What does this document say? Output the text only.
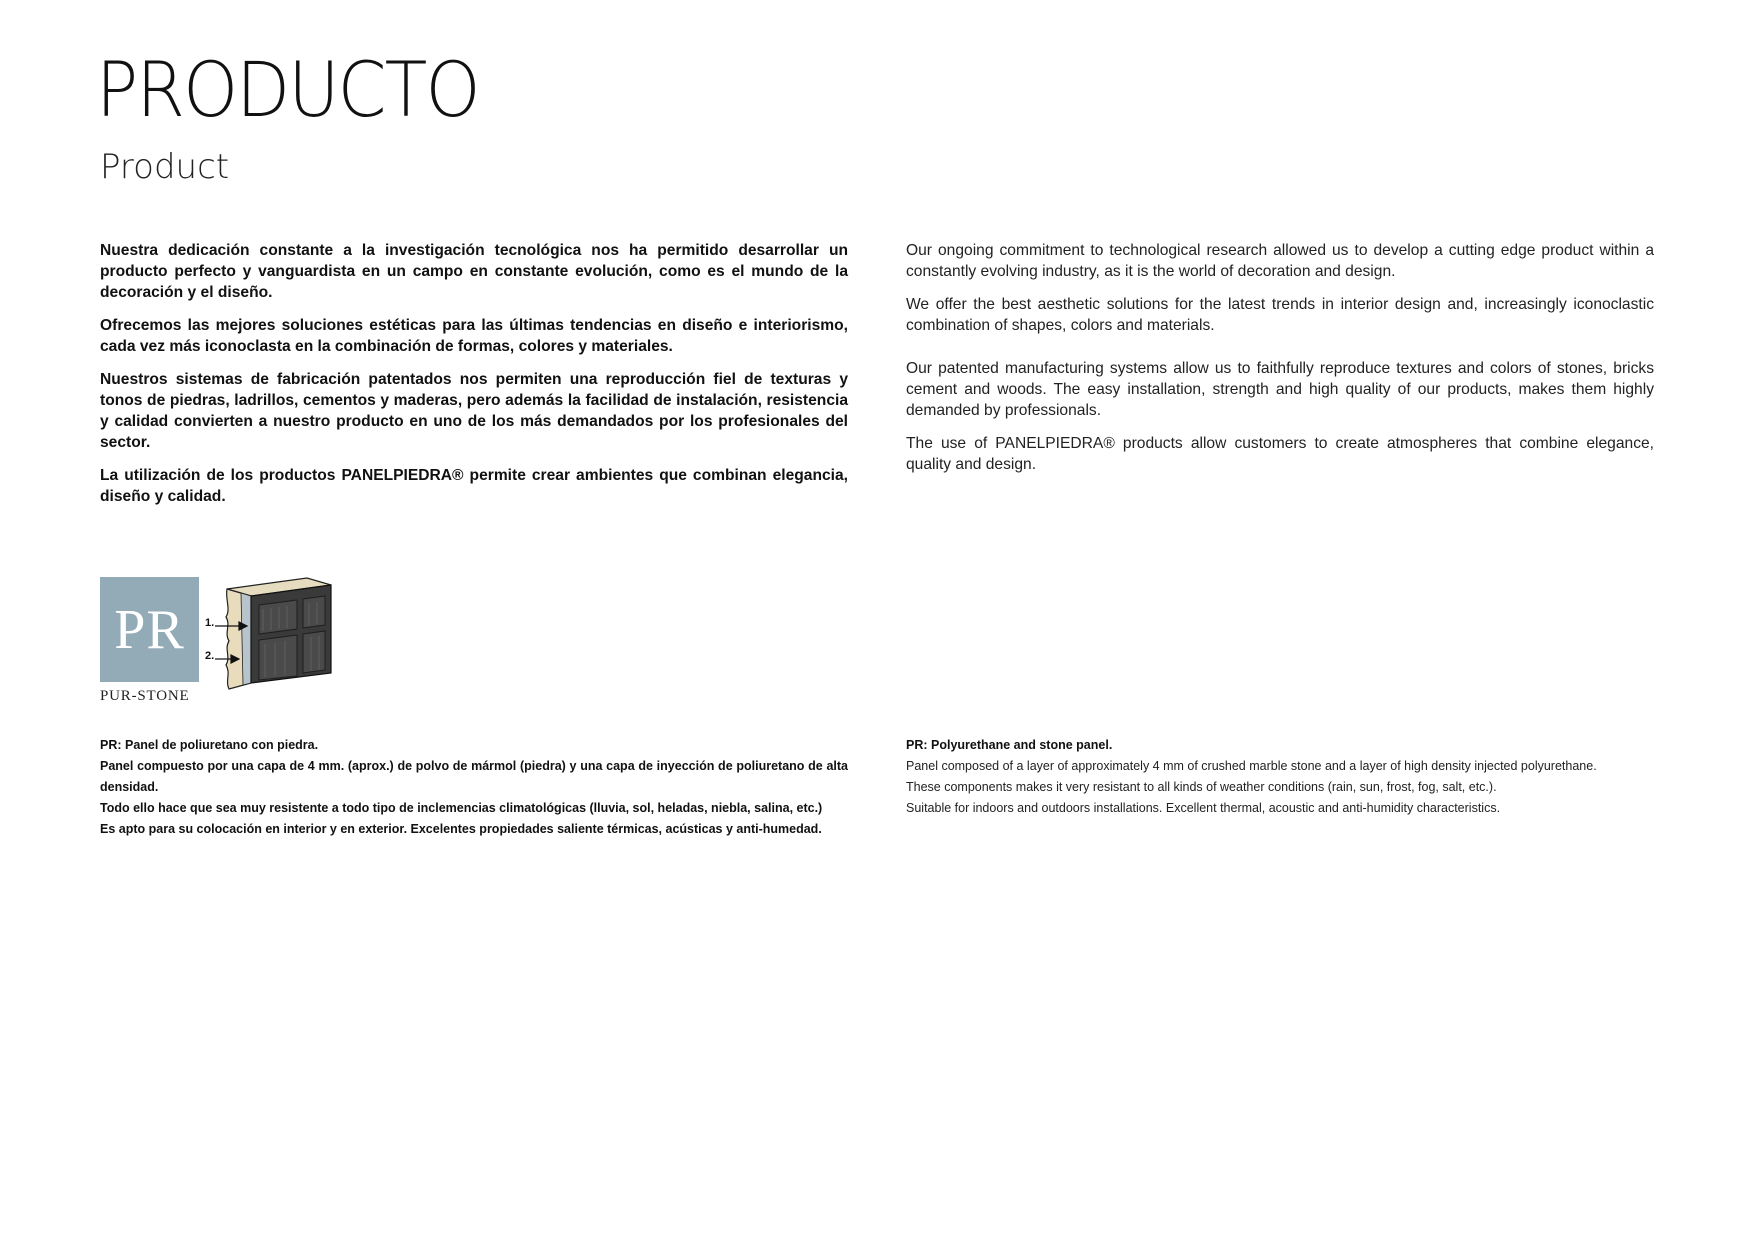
PRODUCTO
Product

Nuestra dedicación constante a la investigación tecnológica nos ha permitido desarrollar un producto perfecto y vanguardista en un campo en constante evolución, como es el mundo de la decoración y el diseño.

Ofrecemos las mejores soluciones estéticas para las últimas tendencias en diseño e interiorismo, cada vez más iconoclasta en la combinación de formas, colores y materiales.

Nuestros sistemas de fabricación patentados nos permiten una reproducción fiel de texturas y tonos de piedras, ladrillos, cementos y maderas, pero además la facilidad de instalación, resistencia y calidad convierten a nuestro producto en uno de los más demandados por los profesionales del sector.

La utilización de los productos PANELPIEDRA® permite crear ambientes que combinan elegancia, diseño y calidad.

Our ongoing commitment to technological research allowed us to develop a cutting edge product within a constantly evolving industry, as it is the world of decoration and design.

We offer the best aesthetic solutions for the latest trends in interior design and, increasingly iconoclastic combination of shapes, colors and materials.

Our patented manufacturing systems allow us to faithfully reproduce textures and colors of stones, bricks cement and woods. The easy installation, strength and high quality of our products, makes them highly demanded by professionals.

The use of PANELPIEDRA® products allow customers to create atmospheres that combine elegance, quality and design.

PR
PUR-STONE
1.
2.
PR: Panel de poliuretano con piedra.
Panel compuesto por una capa de 4 mm. (aprox.) de polvo de mármol (piedra) y una capa de inyección de poliuretano de alta densidad.
Todo ello hace que sea muy resistente a todo tipo de inclemencias climatológicas (lluvia, sol, heladas, niebla, salina, etc.)
Es apto para su colocación en interior y en exterior. Excelentes propiedades saliente térmicas, acústicas y anti-humedad.
PR: Polyurethane and stone panel.
Panel composed of a layer of approximately 4 mm of crushed marble stone and a layer of high density injected polyurethane.
These components makes it very resistant to all kinds of weather conditions (rain, sun, frost, fog, salt, etc.).
Suitable for indoors and outdoors installations. Excellent thermal, acoustic and anti-humidity characteristics.
